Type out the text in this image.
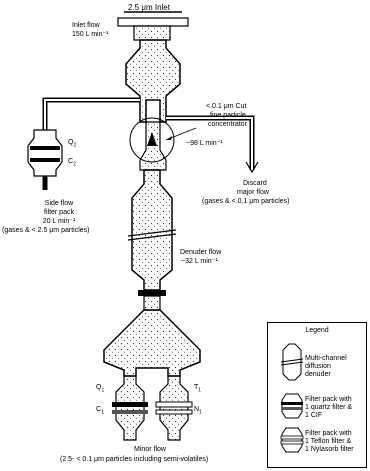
2.5 μm Inlet
Inlet flow
150 L min⁻¹
< 0.1 μm Cut
fine particle
concentrator
~98 L min⁻¹
Discard
major flow
(gases & < 0.1 μm particles)
$Q_2$
$C_2$
Side flow
filter pack
20 L min⁻¹
(gases & < 2.5 μm particles)
Denuder flow
~32 L min⁻¹
$Q_1$
$C_1$
$T_1$
$N_1$
Minor flow
(2.5- < 0.1 μm particles including semi-volatiles)
Legend
Multi-channel
diffusion
denuder
Filter pack with
1 quartz filter &
1 CIF
Filter pack with
1 Teflon filter &
1 Nylasorb filter
